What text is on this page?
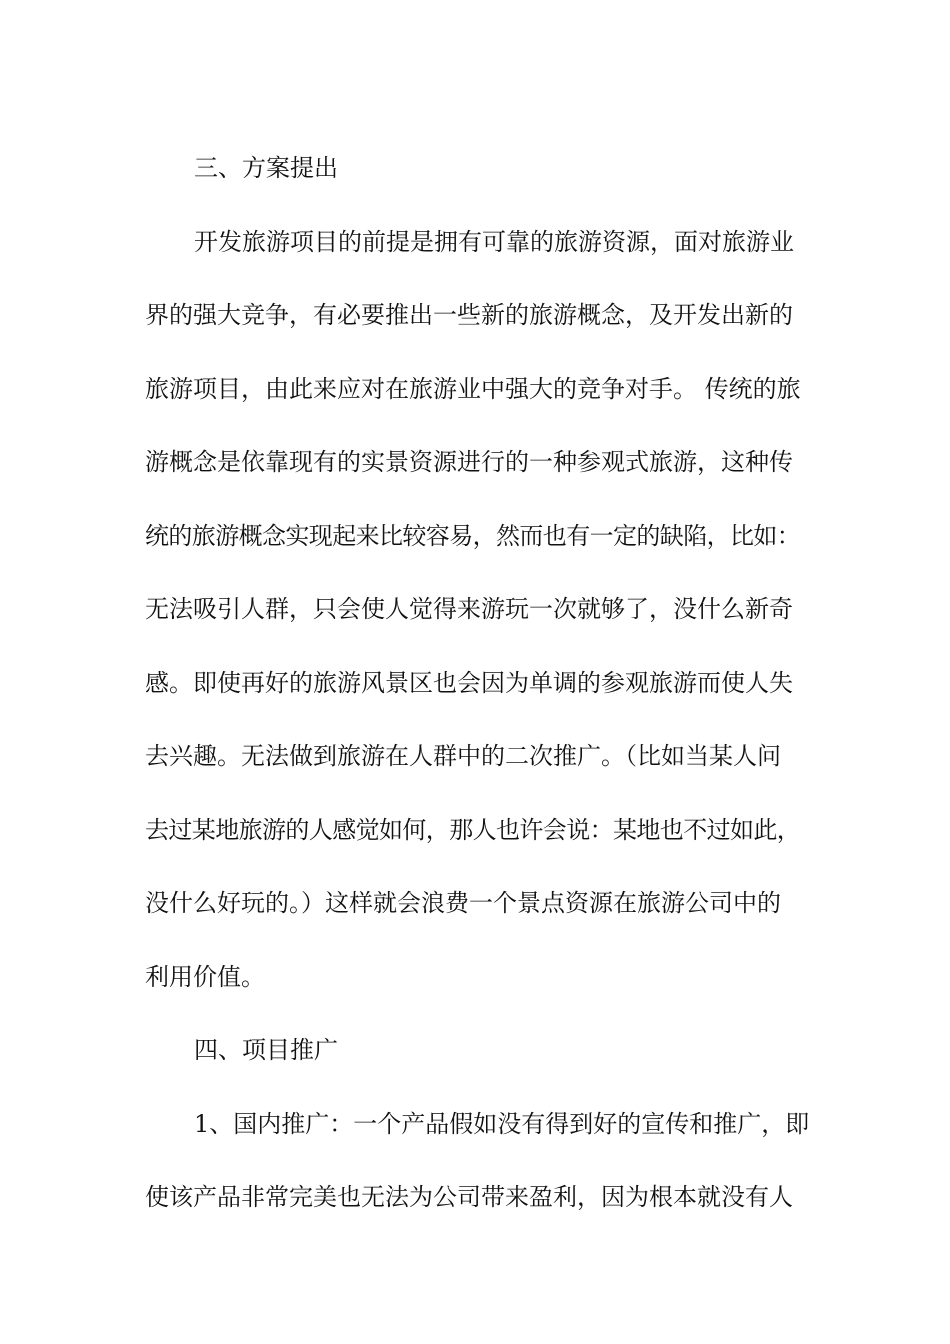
三、方案提出
开发旅游项目的前提是拥有可靠的旅游资源，面对旅游业
界的强大竞争，有必要推出一些新的旅游概念，及开发出新的
旅游项目，由此来应对在旅游业中强大的竞争对手。 传统的旅
游概念是依靠现有的实景资源进行的一种参观式旅游，这种传
统的旅游概念实现起来比较容易，然而也有一定的缺陷，比如：
无法吸引人群，只会使人觉得来游玩一次就够了，没什么新奇
感。即使再好的旅游风景区也会因为单调的参观旅游而使人失
去兴趣。无法做到旅游在人群中的二次推广。（比如当某人问
去过某地旅游的人感觉如何，那人也许会说：某地也不过如此，
没什么好玩的。）这样就会浪费一个景点资源在旅游公司中的
利用价值。
四、项目推广
1、国内推广：一个产品假如没有得到好的宣传和推广，即
使该产品非常完美也无法为公司带来盈利，因为根本就没有人
